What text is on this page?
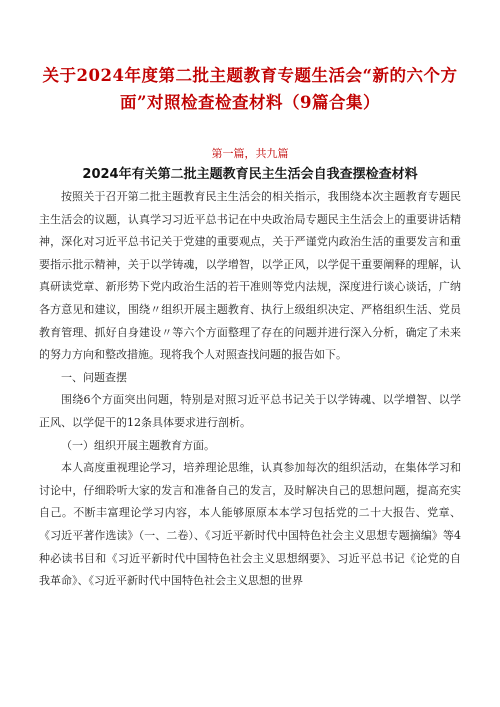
关于2024年度第二批主题教育专题生活会“新的六个方面”对照检查检查材料（9篇合集）
第一篇，共九篇
2024年有关第二批主题教育民主生活会自我查摆检查材料

按照关于召开第二批主题教育民主生活会的相关指示，我围绕本次主题教育专题民主生活会的议题，认真学习习近平总书记在中央政治局专题民主生活会上的重要讲话精神，深化对习近平总书记关于党建的重要观点，关于严谨党内政治生活的重要发言和重要指示批示精神，关于以学铸魂，以学增智，以学正风，以学促干重要阐释的理解，认真研读党章、新形势下党内政治生活的若干准则等党内法规，深度进行谈心谈话，广纳各方意见和建议，围绕〃组织开展主题教育、执行上级组织决定、严格组织生活、党员教育管理、抓好自身建设〃等六个方面整理了存在的问题并进行深入分析，确定了未来的努力方向和整改措施。现将我个人对照查找问题的报告如下。

一、问题查摆

围绕6个方面突出问题，特别是对照习近平总书记关于以学铸魂、以学增智、以学正风、以学促干的12条具体要求进行剖析。

（一）组织开展主题教育方面。

本人高度重视理论学习，培养理论思维，认真参加每次的组织活动，在集体学习和讨论中，仔细聆听大家的发言和准备自己的发言，及时解决自己的思想问题，提高充实自己。不断丰富理论学习内容，本人能够原原本本学习包括党的二十大报告、党章、《习近平著作选读》（一、二卷）、《习近平新时代中国特色社会主义思想专题摘编》等4种必读书目和《习近平新时代中国特色社会主义思想纲要》、习近平总书记《论党的自我革命》、《习近平新时代中国特色社会主义思想的世界
